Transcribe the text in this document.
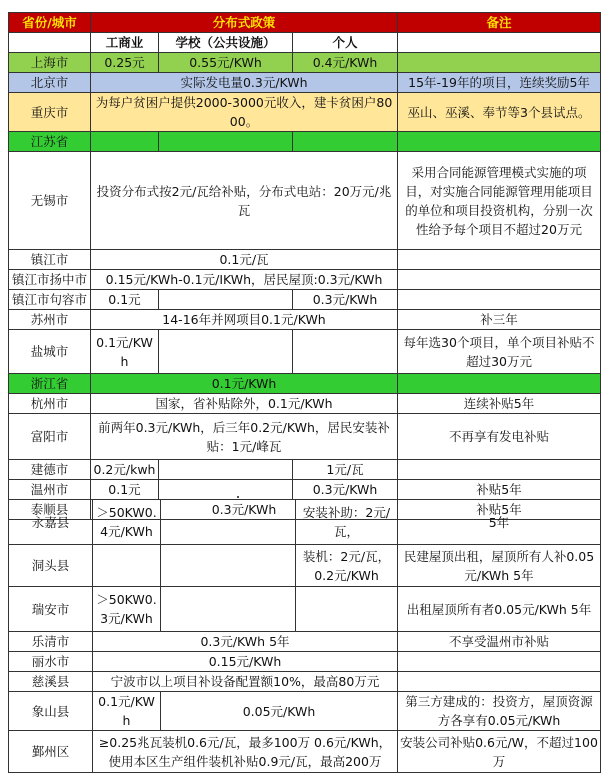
省份/城市	分布式政策			备注
	工商业	学校（公共设施）	个人	
上海市	0.25元	0.55元/KWh	0.4元/KWh	
北京市	实际发电量0.3元/KWh			15年-19年的项目，连续奖励5年
重庆市	为每户贫困户提供2000-3000元收入，建卡贫困户8000。			巫山、巫溪、奉节等3个县试点。
江苏省				
无锡市	投资分布式按2元/瓦给补贴，分布式电站：20万元/兆瓦			采用合同能源管理模式实施的项目，对实施合同能源管理用能项目的单位和项目投资机构，分别一次性给予每个项目不超过20万元
镇江市	0.1元/瓦			
镇江市扬中市	0.15元/KWh-0.1元/IKWh，居民屋顶:0.3元/KWh			
镇江市句容市	0.1元		0.3元/KWh	
苏州市	14-16年并网项目0.1元/KWh			补三年
盐城市	0.1元/KWh			每年选30个项目，单个项目补贴不超过30万元
浙江省	0.1元/KWh			
杭州市	国家，省补贴除外，0.1元/KWh			连续补贴5年
富阳市	前两年0.3元/KWh，后三年0.2元/KWh，居民安装补贴：1元/峰瓦			不再享有发电补贴
建德市	0.2元/kwh		1元/瓦	
温州市	0.1元		0.3元/KWh	补贴5年
泰顺县	0.3元/KWh			补贴5年
永嘉县	＞50KW0.4元/KWh		安装补助：2元/瓦，	5年
洞头县			装机：2元/瓦，0.2元/KWh	民建屋顶出租，屋顶所有人补0.05元/KWh 5年
瑞安市	＞50KW0.3元/KWh			出租屋顶所有者0.05元/KWh 5年
乐清市	0.3元/KWh 5年			不享受温州市补贴
丽水市	0.15元/KWh			
慈溪县	宁波市以上项目补设备配置额10%，最高80万元			
象山县	0.1元/KWh	0.05元/KWh		第三方建成的：投资方，屋顶资源方各享有0.05元/KWh
鄞州区	≥0.25兆瓦装机0.6元/瓦，最多100万 0.6元/KWh，使用本区生产组件装机补贴0.9元/瓦，最高200万			安装公司补贴0.6元/W，不超过100万
